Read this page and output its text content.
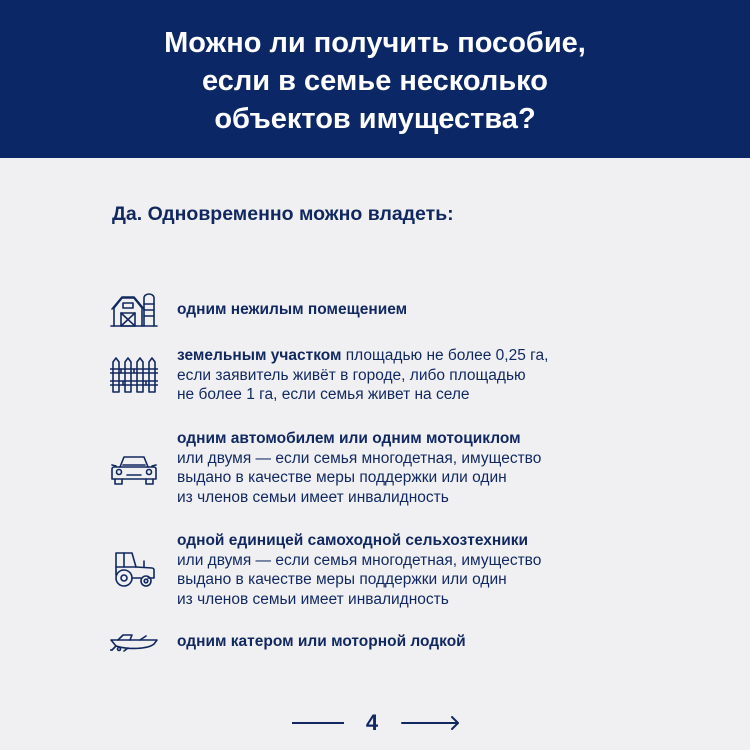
Можно ли получить пособие,
если в семье несколько
объектов имущества?
Да. Одновременно можно владеть:
одним нежилым помещением
земельным участком площадью не более 0,25 га,
если заявитель живёт в городе, либо площадью
не более 1 га, если семья живет на селе
одним автомобилем или одним мотоциклом
или двумя — если семья многодетная, имущество
выдано в качестве меры поддержки или один
из членов семьи имеет инвалидность
одной единицей самоходной сельхозтехники
или двумя — если семья многодетная, имущество
выдано в качестве меры поддержки или один
из членов семьи имеет инвалидность
одним катером или моторной лодкой
4
